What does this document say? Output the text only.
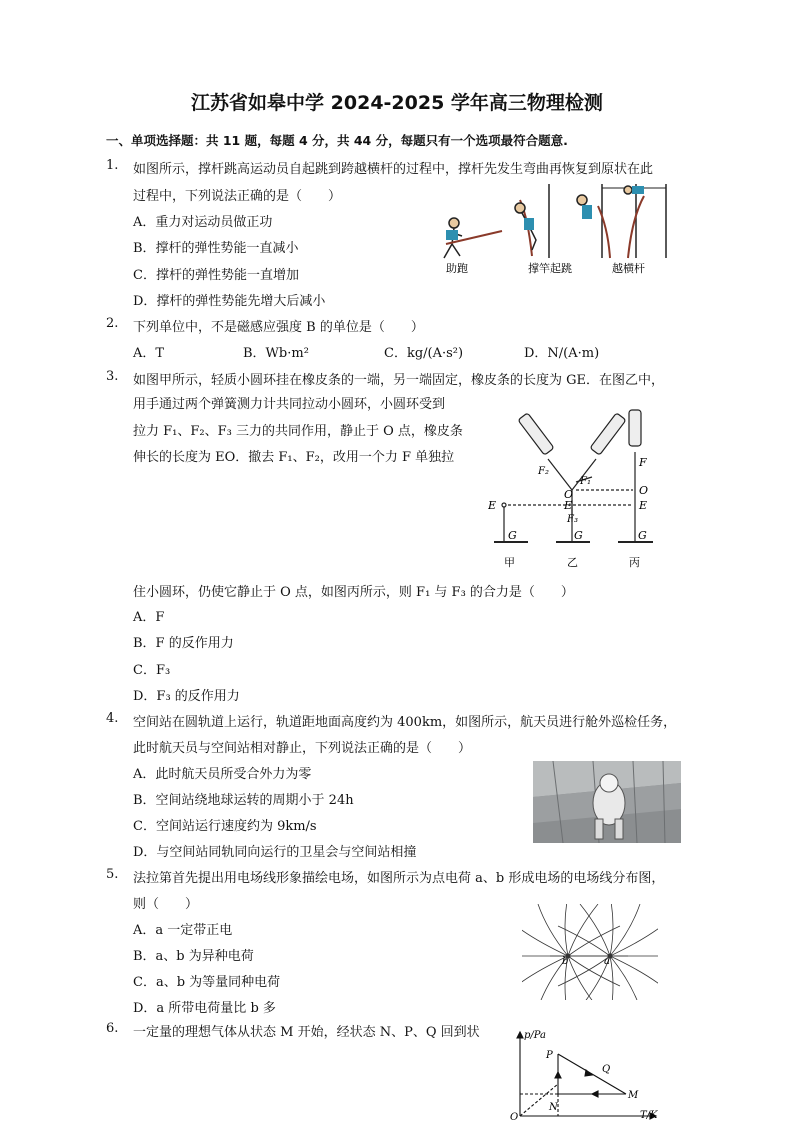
江苏省如皋中学 2024-2025 学年高三物理检测
一、单项选择题：共 11 题，每题 4 分，共 44 分，每题只有一个选项最符合题意.
1. 如图所示，撑杆跳高运动员自起跳到跨越横杆的过程中，撑杆先发生弯曲再恢复到原状在此
过程中，下列说法正确的是（　　）
A．重力对运动员做正功
B．撑杆的弹性势能一直减小
C．撑杆的弹性势能一直增加
D．撑杆的弹性势能先增大后减小
助跑	撑竿起跳	越横杆
2. 下列单位中，不是磁感应强度 B 的单位是（　　）
A．T	B．Wb·m²	C．kg/(A·s²)	D．N/(A·m)
3. 如图甲所示，轻质小圆环挂在橡皮条的一端，另一端固定，橡皮条的长度为 GE．在图乙中，
用手通过两个弹簧测力计共同拉动小圆环，小圆环受到
拉力 F₁、F₂、F₃ 三力的共同作用，静止于 O 点，橡皮条
伸长的长度为 EO．撤去 F₁、F₂，改用一个力 F 单独拉
住小圆环，仍使它静止于 O 点，如图丙所示，则 F₁ 与 F₃ 的合力是（　　）
A．F
B．F 的反作用力
C．F₃
D．F₃ 的反作用力
E
G
O
E
G
F₂
F₁
F₃
F
O
E
G
甲	乙	丙
4. 空间站在圆轨道上运行，轨道距地面高度约为 400km，如图所示，航天员进行舱外巡检任务，
此时航天员与空间站相对静止，下列说法正确的是（　　）
A．此时航天员所受合外力为零
B．空间站绕地球运转的周期小于 24h
C．空间站运行速度约为 9km/s
D．与空间站同轨同向运行的卫星会与空间站相撞
5. 法拉第首先提出用电场线形象描绘电场，如图所示为点电荷 a、b 形成电场的电场线分布图，
则（　　）
A．a 一定带正电
B．a、b 为异种电荷
C．a、b 为等量同种电荷
D．a 所带电荷量比 b 多
b	a
6. 一定量的理想气体从状态 M 开始，经状态 N、P、Q 回到状	p/Pa
T/K
O
P
Q
N
M
